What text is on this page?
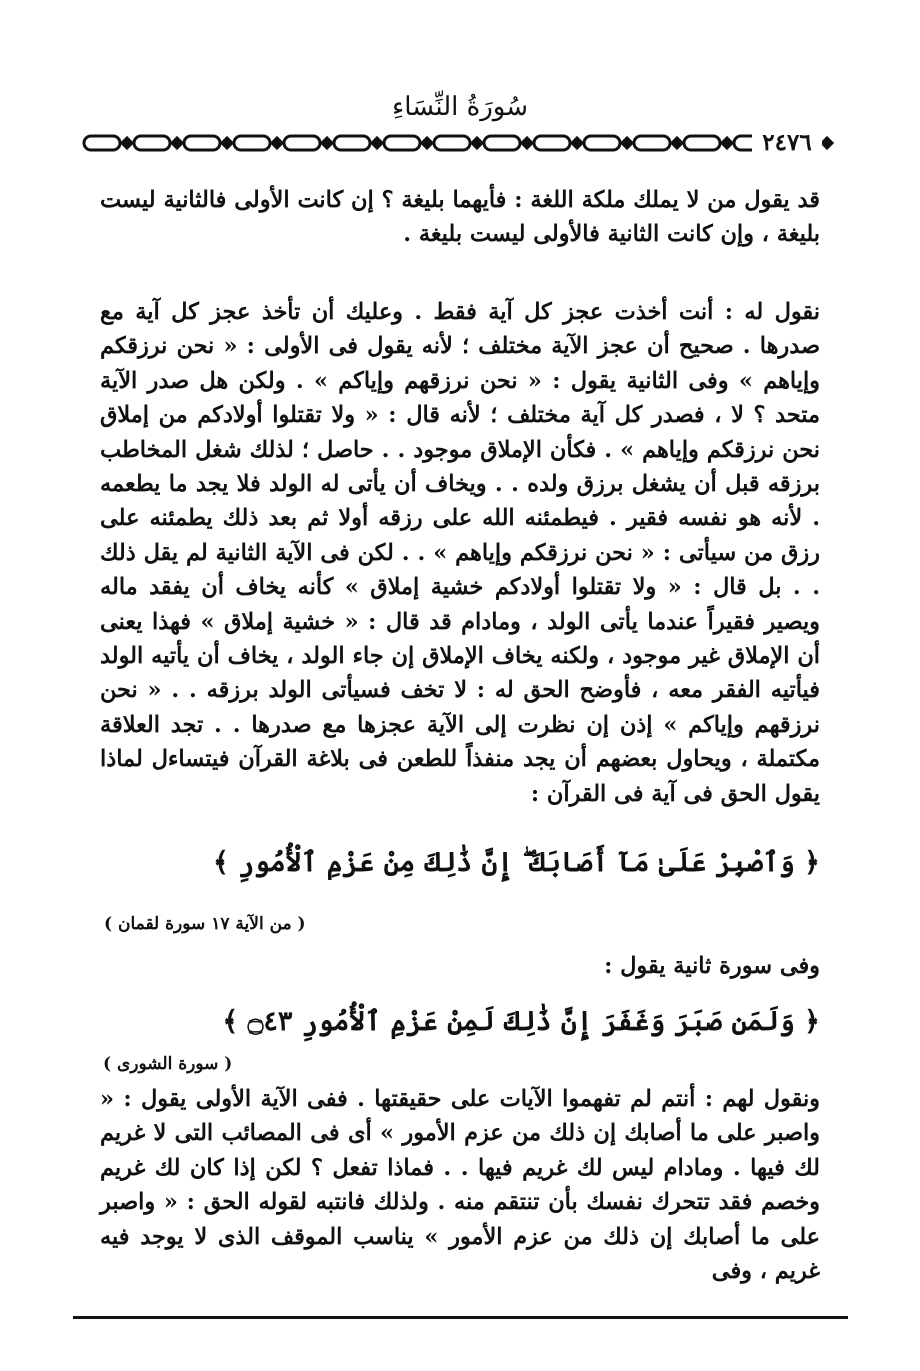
سُورَةُ النِّسَاءِ
٢٤٧٦

قد يقول من لا يملك ملكة اللغة : فأيهما بليغة ؟ إن كانت الأولى فالثانية ليست بليغة ، وإن كانت الثانية فالأولى ليست بليغة .

نقول له : أنت أخذت عجز كل آية فقط . وعليك أن تأخذ عجز كل آية مع صدرها . صحيح أن عجز الآية مختلف ؛ لأنه يقول فى الأولى : « نحن نرزقكم وإياهم » وفى الثانية يقول : « نحن نرزقهم وإياكم » . ولكن هل صدر الآية متحد ؟ لا ، فصدر كل آية مختلف ؛ لأنه قال : « ولا تقتلوا أولادكم من إملاق نحن نرزقكم وإياهم » . فكأن الإملاق موجود . . حاصل ؛ لذلك شغل المخاطب برزقه قبل أن يشغل برزق ولده . . ويخاف أن يأتى له الولد فلا يجد ما يطعمه . لأنه هو نفسه فقير . فيطمئنه الله على رزقه أولا ثم بعد ذلك يطمئنه على رزق من سيأتى : « نحن نرزقكم وإياهم » . . لكن فى الآية الثانية لم يقل ذلك . . بل قال : « ولا تقتلوا أولادكم خشية إملاق » كأنه يخاف أن يفقد ماله ويصير فقيراً عندما يأتى الولد ، ومادام قد قال : « خشية إملاق » فهذا يعنى أن الإملاق غير موجود ، ولكنه يخاف الإملاق إن جاء الولد ، يخاف أن يأتيه الولد فيأتيه الفقر معه ، فأوضح الحق له : لا تخف فسيأتى الولد برزقه . . « نحن نرزقهم وإياكم » إذن إن نظرت إلى الآية عجزها مع صدرها . . تجد العلاقة مكتملة ، ويحاول بعضهم أن يجد منفذاً للطعن فى بلاغة القرآن فيتساءل لماذا يقول الحق فى آية فى القرآن :

﴿ وَٱصْبِرْ عَلَىٰ مَآ أَصَابَكَ ۖ إِنَّ ذَٰلِكَ مِنْ عَزْمِ ٱلْأُمُورِ ﴾
( من الآية ١٧ سورة لقمان )
وفى سورة ثانية يقول :
﴿ وَلَمَن صَبَرَ وَغَفَرَ إِنَّ ذَٰلِكَ لَمِنْ عَزْمِ ٱلْأُمُورِ ۝٤٣ ﴾
( سورة الشورى )

ونقول لهم : أنتم لم تفهموا الآيات على حقيقتها . ففى الآية الأولى يقول : « واصبر على ما أصابك إن ذلك من عزم الأمور » أى فى المصائب التى لا غريم لك فيها . ومادام ليس لك غريم فيها . . فماذا تفعل ؟ لكن إذا كان لك غريم وخصم فقد تتحرك نفسك بأن تنتقم منه . ولذلك فانتبه لقوله الحق : « واصبر على ما أصابك إن ذلك من عزم الأمور » يناسب الموقف الذى لا يوجد فيه غريم ، وفى
